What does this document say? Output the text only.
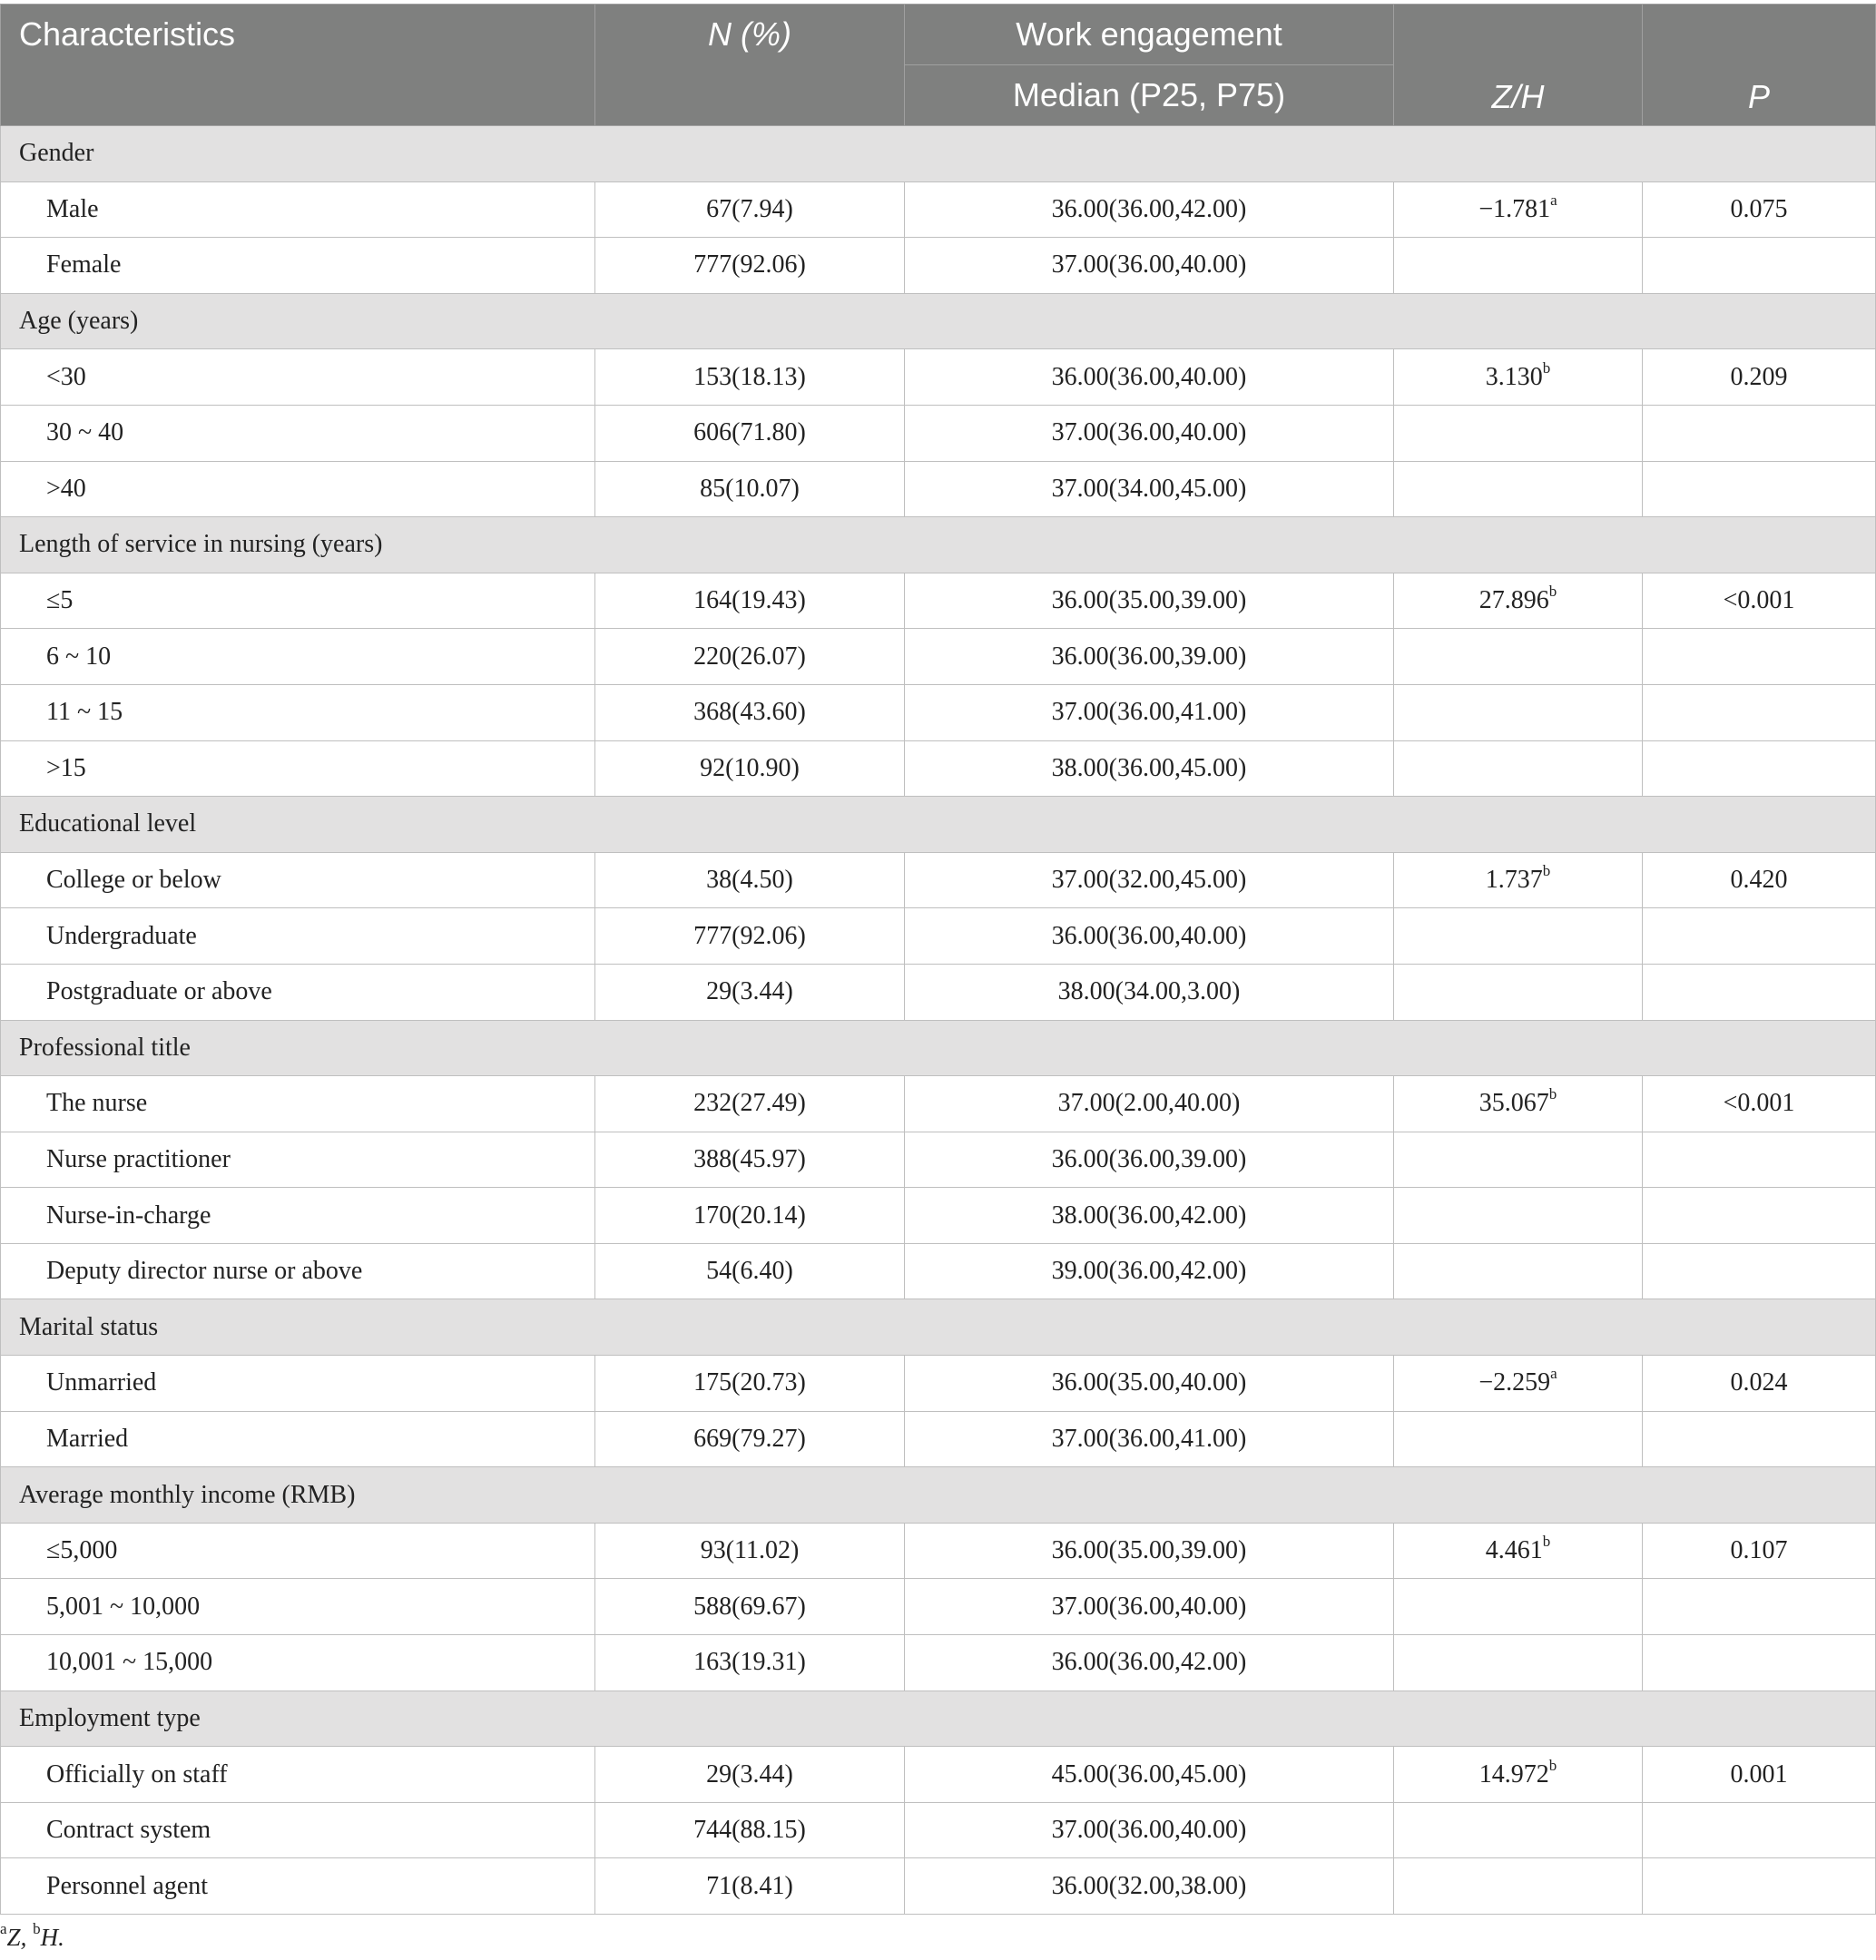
Characteristics	N (%)	Work engagement	Z/H	P
		Median (P25, P75)		
Gender				
Male	67(7.94)	36.00(36.00,42.00)	−1.781$^a$	0.075
Female	777(92.06)	37.00(36.00,40.00)		
Age (years)				
<30	153(18.13)	36.00(36.00,40.00)	3.130$^b$	0.209
30 ~ 40	606(71.80)	37.00(36.00,40.00)		
>40	85(10.07)	37.00(34.00,45.00)		
Length of service in nursing (years)				
≤5	164(19.43)	36.00(35.00,39.00)	27.896$^b$	<0.001
6 ~ 10	220(26.07)	36.00(36.00,39.00)		
11 ~ 15	368(43.60)	37.00(36.00,41.00)		
>15	92(10.90)	38.00(36.00,45.00)		
Educational level				
College or below	38(4.50)	37.00(32.00,45.00)	1.737$^b$	0.420
Undergraduate	777(92.06)	36.00(36.00,40.00)		
Postgraduate or above	29(3.44)	38.00(34.00,3.00)		
Professional title				
The nurse	232(27.49)	37.00(2.00,40.00)	35.067$^b$	<0.001
Nurse practitioner	388(45.97)	36.00(36.00,39.00)		
Nurse-in-charge	170(20.14)	38.00(36.00,42.00)		
Deputy director nurse or above	54(6.40)	39.00(36.00,42.00)		
Marital status				
Unmarried	175(20.73)	36.00(35.00,40.00)	−2.259$^a$	0.024
Married	669(79.27)	37.00(36.00,41.00)		
Average monthly income (RMB)				
≤5,000	93(11.02)	36.00(35.00,39.00)	4.461$^b$	0.107
5,001 ~ 10,000	588(69.67)	37.00(36.00,40.00)		
10,001 ~ 15,000	163(19.31)	36.00(36.00,42.00)		
Employment type				
Officially on staff	29(3.44)	45.00(36.00,45.00)	14.972$^b$	0.001
Contract system	744(88.15)	37.00(36.00,40.00)		
Personnel agent	71(8.41)	36.00(32.00,38.00)		
$^a$Z, $^b$H.
